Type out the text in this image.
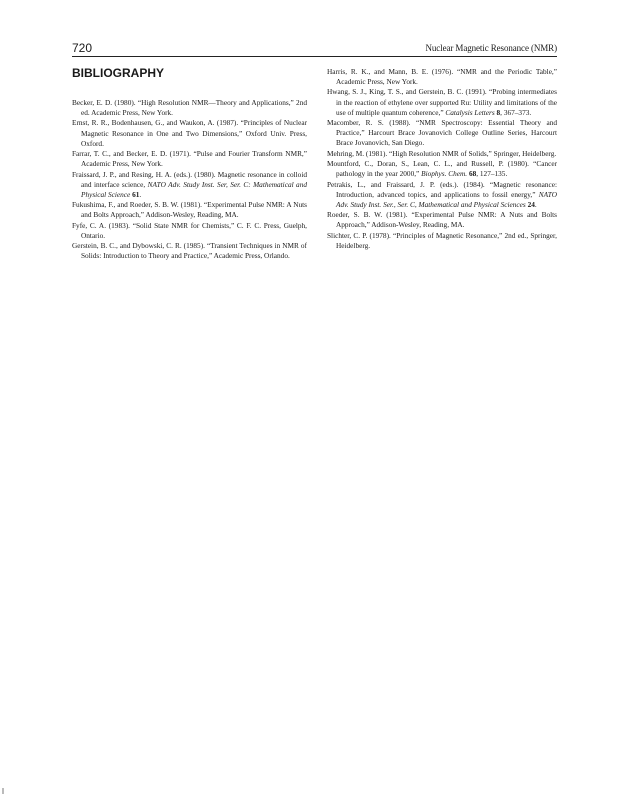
720	Nuclear Magnetic Resonance (NMR)
BIBLIOGRAPHY

Becker, E. D. (1980). “High Resolution NMR—Theory and Applications,” 2nd ed. Academic Press, New York.

Ernst, R. R., Bodenhausen, G., and Waukon, A. (1987). “Principles of Nuclear Magnetic Resonance in One and Two Dimensions,” Oxford Univ. Press, Oxford.

Farrar, T. C., and Becker, E. D. (1971). “Pulse and Fourier Transform NMR,” Academic Press, New York.

Fraissard, J. P., and Resing, H. A. (eds.). (1980). Magnetic resonance in colloid and interface science, NATO Adv. Study Inst. Ser, Ser. C: Mathematical and Physical Science 61.

Fukushima, F., and Roeder, S. B. W. (1981). “Experimental Pulse NMR: A Nuts and Bolts Approach,” Addison-Wesley, Reading, MA.

Fyfe, C. A. (1983). “Solid State NMR for Chemists,” C. F. C. Press, Guelph, Ontario.

Gerstein, B. C., and Dybowski, C. R. (1985). “Transient Techniques in NMR of Solids: Introduction to Theory and Practice,” Academic Press, Orlando.

Harris, R. K., and Mann, B. E. (1976). “NMR and the Periodic Table,” Academic Press, New York.

Hwang, S. J., King, T. S., and Gerstein, B. C. (1991). “Probing intermediates in the reaction of ethylene over supported Ru: Utility and limitations of the use of multiple quantum coherence,” Catalysis Letters 8, 367–373.

Macomber, R. S. (1988). “NMR Spectroscopy: Essential Theory and Practice,” Harcourt Brace Jovanovich College Outline Series, Harcourt Brace Jovanovich, San Diego.

Mehring, M. (1981). “High Resolution NMR of Solids,” Springer, Heidelberg.

Mountford, C., Doran, S., Lean, C. L., and Russell, P. (1980). “Cancer pathology in the year 2000,” Biophys. Chem. 68, 127–135.

Petrakis, L., and Fraissard, J. P. (eds.). (1984). “Magnetic resonance: Introduction, advanced topics, and applications to fossil energy,” NATO Adv. Study Inst. Ser., Ser. C, Mathematical and Physical Sciences 24.

Roeder, S. B. W. (1981). “Experimental Pulse NMR: A Nuts and Bolts Approach,” Addison-Wesley, Reading, MA.

Slichter, C. P. (1978). “Principles of Magnetic Resonance,” 2nd ed., Springer, Heidelberg.
